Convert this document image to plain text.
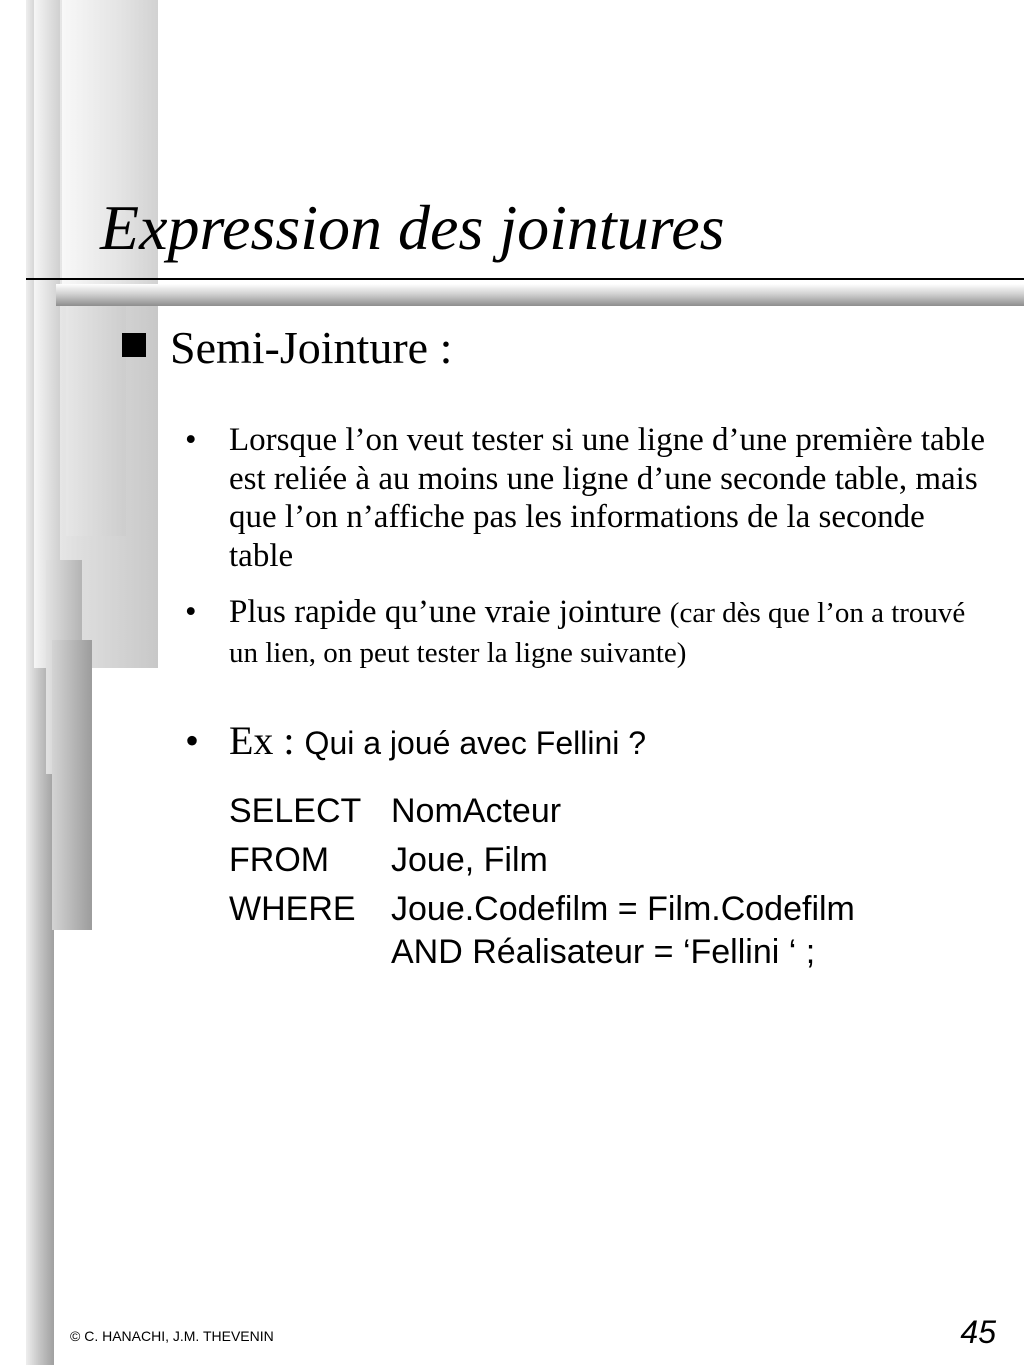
Expression des jointures
Semi-Jointure :
• Lorsque l’on veut tester si une ligne d’une première table est reliée à au moins une ligne d’une seconde table, mais que l’on n’affiche pas les informations de la seconde table
• Plus rapide qu’une vraie jointure (car dès que l’on a trouvé un lien, on peut tester la ligne suivante)
• Ex : Qui a joué avec Fellini ?
SELECT NomActeur
FROM Joue, Film
WHERE Joue.Codefilm = Film.Codefilm
AND Réalisateur = ‘Fellini ‘ ;
© C. HANACHI, J.M. THEVENIN	45
